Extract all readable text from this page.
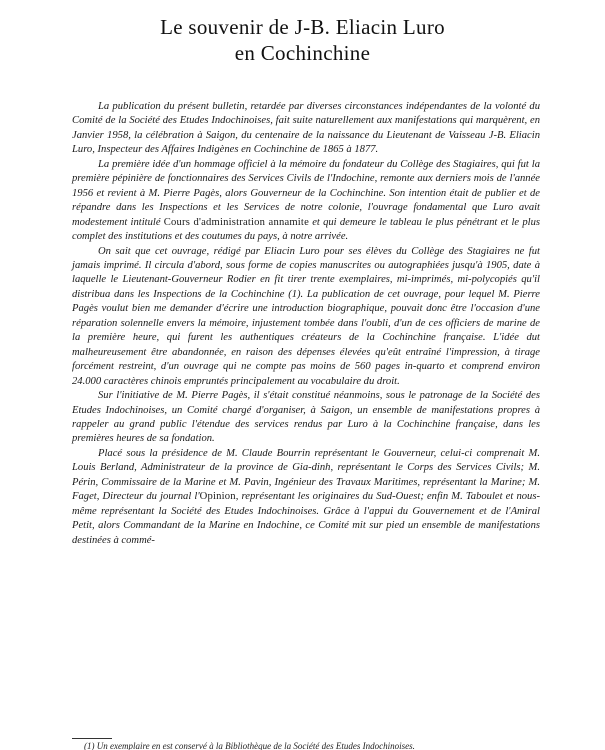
Le souvenir de J-B. Eliacin Luro
en Cochinchine

La publication du présent bulletin, retardée par diverses circonstances indépendantes de la volonté du Comité de la Société des Etudes Indochinoises, fait suite naturellement aux manifestations qui marquèrent, en Janvier 1958, la célébration à Saigon, du centenaire de la naissance du Lieutenant de Vaisseau J-B. Eliacin Luro, Inspecteur des Affaires Indigènes en Cochinchine de 1865 à 1877.

La première idée d'un hommage officiel à la mémoire du fondateur du Collège des Stagiaires, qui fut la première pépinière de fonctionnaires des Services Civils de l'Indochine, remonte aux derniers mois de l'année 1956 et revient à M. Pierre Pagès, alors Gouverneur de la Cochinchine. Son intention était de publier et de répandre dans les Inspections et les Services de notre colonie, l'ouvrage fondamental que Luro avait modestement intitulé Cours d'administration annamite et qui demeure le tableau le plus pénétrant et le plus complet des institutions et des coutumes du pays, à notre arrivée.

On sait que cet ouvrage, rédigé par Eliacin Luro pour ses élèves du Collège des Stagiaires ne fut jamais imprimé. Il circula d'abord, sous forme de copies manuscrites ou autographiées jusqu'à 1905, date à laquelle le Lieutenant-Gouverneur Rodier en fit tirer trente exemplaires, mi-imprimés, mi-polycopiés qu'il distribua dans les Inspections de la Cochinchine (1). La publication de cet ouvrage, pour lequel M. Pierre Pagès voulut bien me demander d'écrire une introduction biographique, pouvait donc être l'occasion d'une réparation solennelle envers la mémoire, injustement tombée dans l'oubli, d'un de ces officiers de marine de la première heure, qui furent les authentiques créateurs de la Cochinchine française. L'idée dut malheureusement être abandonnée, en raison des dépenses élevées qu'eût entraîné l'impression, à tirage forcément restreint, d'un ouvrage qui ne compte pas moins de 560 pages in-quarto et comprend environ 24.000 caractères chinois empruntés principalement au vocabulaire du droit.

Sur l'initiative de M. Pierre Pagès, il s'était constitué néanmoins, sous le patronage de la Société des Etudes Indochinoises, un Comité chargé d'organiser, à Saigon, un ensemble de manifestations propres à rappeler au grand public l'étendue des services rendus par Luro à la Cochinchine française, dans les premières heures de sa fondation.

Placé sous la présidence de M. Claude Bourrin représentant le Gouverneur, celui-ci comprenait M. Louis Berland, Administrateur de la province de Gia-dinh, représentant le Corps des Services Civils; M. Périn, Commissaire de la Marine et M. Pavin, Ingénieur des Travaux Maritimes, représentant la Marine; M. Faget, Directeur du journal l'Opinion, représentant les originaires du Sud-Ouest; enfin M. Taboulet et nous-même représentant la Société des Etudes Indochinoises. Grâce à l'appui du Gouvernement et de l'Amiral Petit, alors Commandant de la Marine en Indochine, ce Comité mit sur pied un ensemble de manifestations destinées à commé-

(1) Un exemplaire en est conservé à la Bibliothèque de la Société des Etudes Indochinoises.
